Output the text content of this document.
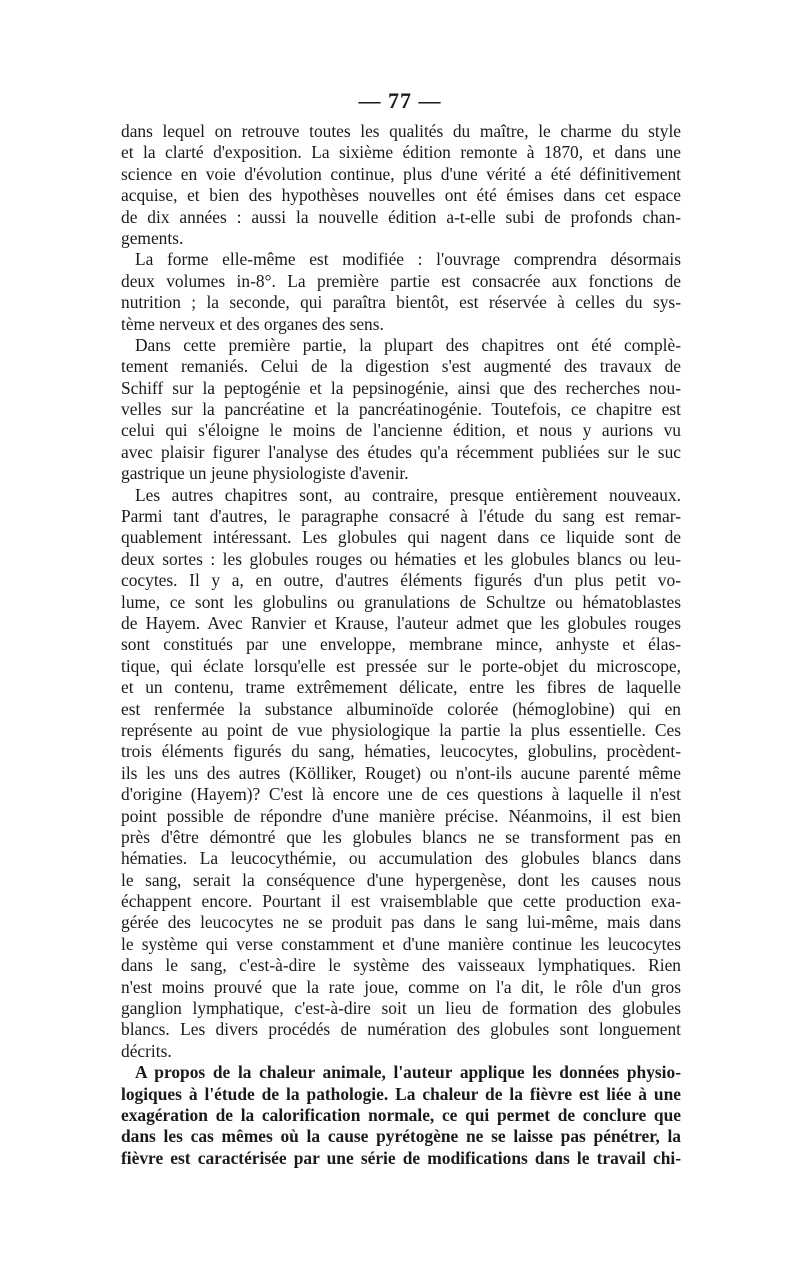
— 77 —
dans lequel on retrouve toutes les qualités du maître, le charme du style
et la clarté d'exposition. La sixième édition remonte à 1870, et dans une
science en voie d'évolution continue, plus d'une vérité a été définitivement
acquise, et bien des hypothèses nouvelles ont été émises dans cet espace
de dix années : aussi la nouvelle édition a-t-elle subi de profonds chan-
gements.
La forme elle-même est modifiée : l'ouvrage comprendra désormais
deux volumes in-8°. La première partie est consacrée aux fonctions de
nutrition ; la seconde, qui paraîtra bientôt, est réservée à celles du sys-
tème nerveux et des organes des sens.
Dans cette première partie, la plupart des chapitres ont été complè-
tement remaniés. Celui de la digestion s'est augmenté des travaux de
Schiff sur la peptogénie et la pepsinogénie, ainsi que des recherches nou-
velles sur la pancréatine et la pancréatinogénie. Toutefois, ce chapitre est
celui qui s'éloigne le moins de l'ancienne édition, et nous y aurions vu
avec plaisir figurer l'analyse des études qu'a récemment publiées sur le suc
gastrique un jeune physiologiste d'avenir.
Les autres chapitres sont, au contraire, presque entièrement nouveaux.
Parmi tant d'autres, le paragraphe consacré à l'étude du sang est remar-
quablement intéressant. Les globules qui nagent dans ce liquide sont de
deux sortes : les globules rouges ou hématies et les globules blancs ou leu-
cocytes. Il y a, en outre, d'autres éléments figurés d'un plus petit vo-
lume, ce sont les globulins ou granulations de Schultze ou hématoblastes
de Hayem. Avec Ranvier et Krause, l'auteur admet que les globules rouges
sont constitués par une enveloppe, membrane mince, anhyste et élas-
tique, qui éclate lorsqu'elle est pressée sur le porte-objet du microscope,
et un contenu, trame extrêmement délicate, entre les fibres de laquelle
est renfermée la substance albuminoïde colorée (hémoglobine) qui en
représente au point de vue physiologique la partie la plus essentielle. Ces
trois éléments figurés du sang, hématies, leucocytes, globulins, procèdent-
ils les uns des autres (Kölliker, Rouget) ou n'ont-ils aucune parenté même
d'origine (Hayem)? C'est là encore une de ces questions à laquelle il n'est
point possible de répondre d'une manière précise. Néanmoins, il est bien
près d'être démontré que les globules blancs ne se transforment pas en
hématies. La leucocythémie, ou accumulation des globules blancs dans
le sang, serait la conséquence d'une hypergenèse, dont les causes nous
échappent encore. Pourtant il est vraisemblable que cette production exa-
gérée des leucocytes ne se produit pas dans le sang lui-même, mais dans
le système qui verse constamment et d'une manière continue les leucocytes
dans le sang, c'est-à-dire le système des vaisseaux lymphatiques. Rien
n'est moins prouvé que la rate joue, comme on l'a dit, le rôle d'un gros
ganglion lymphatique, c'est-à-dire soit un lieu de formation des globules
blancs. Les divers procédés de numération des globules sont longuement
décrits.
A propos de la chaleur animale, l'auteur applique les données physio-
logiques à l'étude de la pathologie. La chaleur de la fièvre est liée à une
exagération de la calorification normale, ce qui permet de conclure que
dans les cas mêmes où la cause pyrétogène ne se laisse pas pénétrer, la
fièvre est caractérisée par une série de modifications dans le travail chi-
